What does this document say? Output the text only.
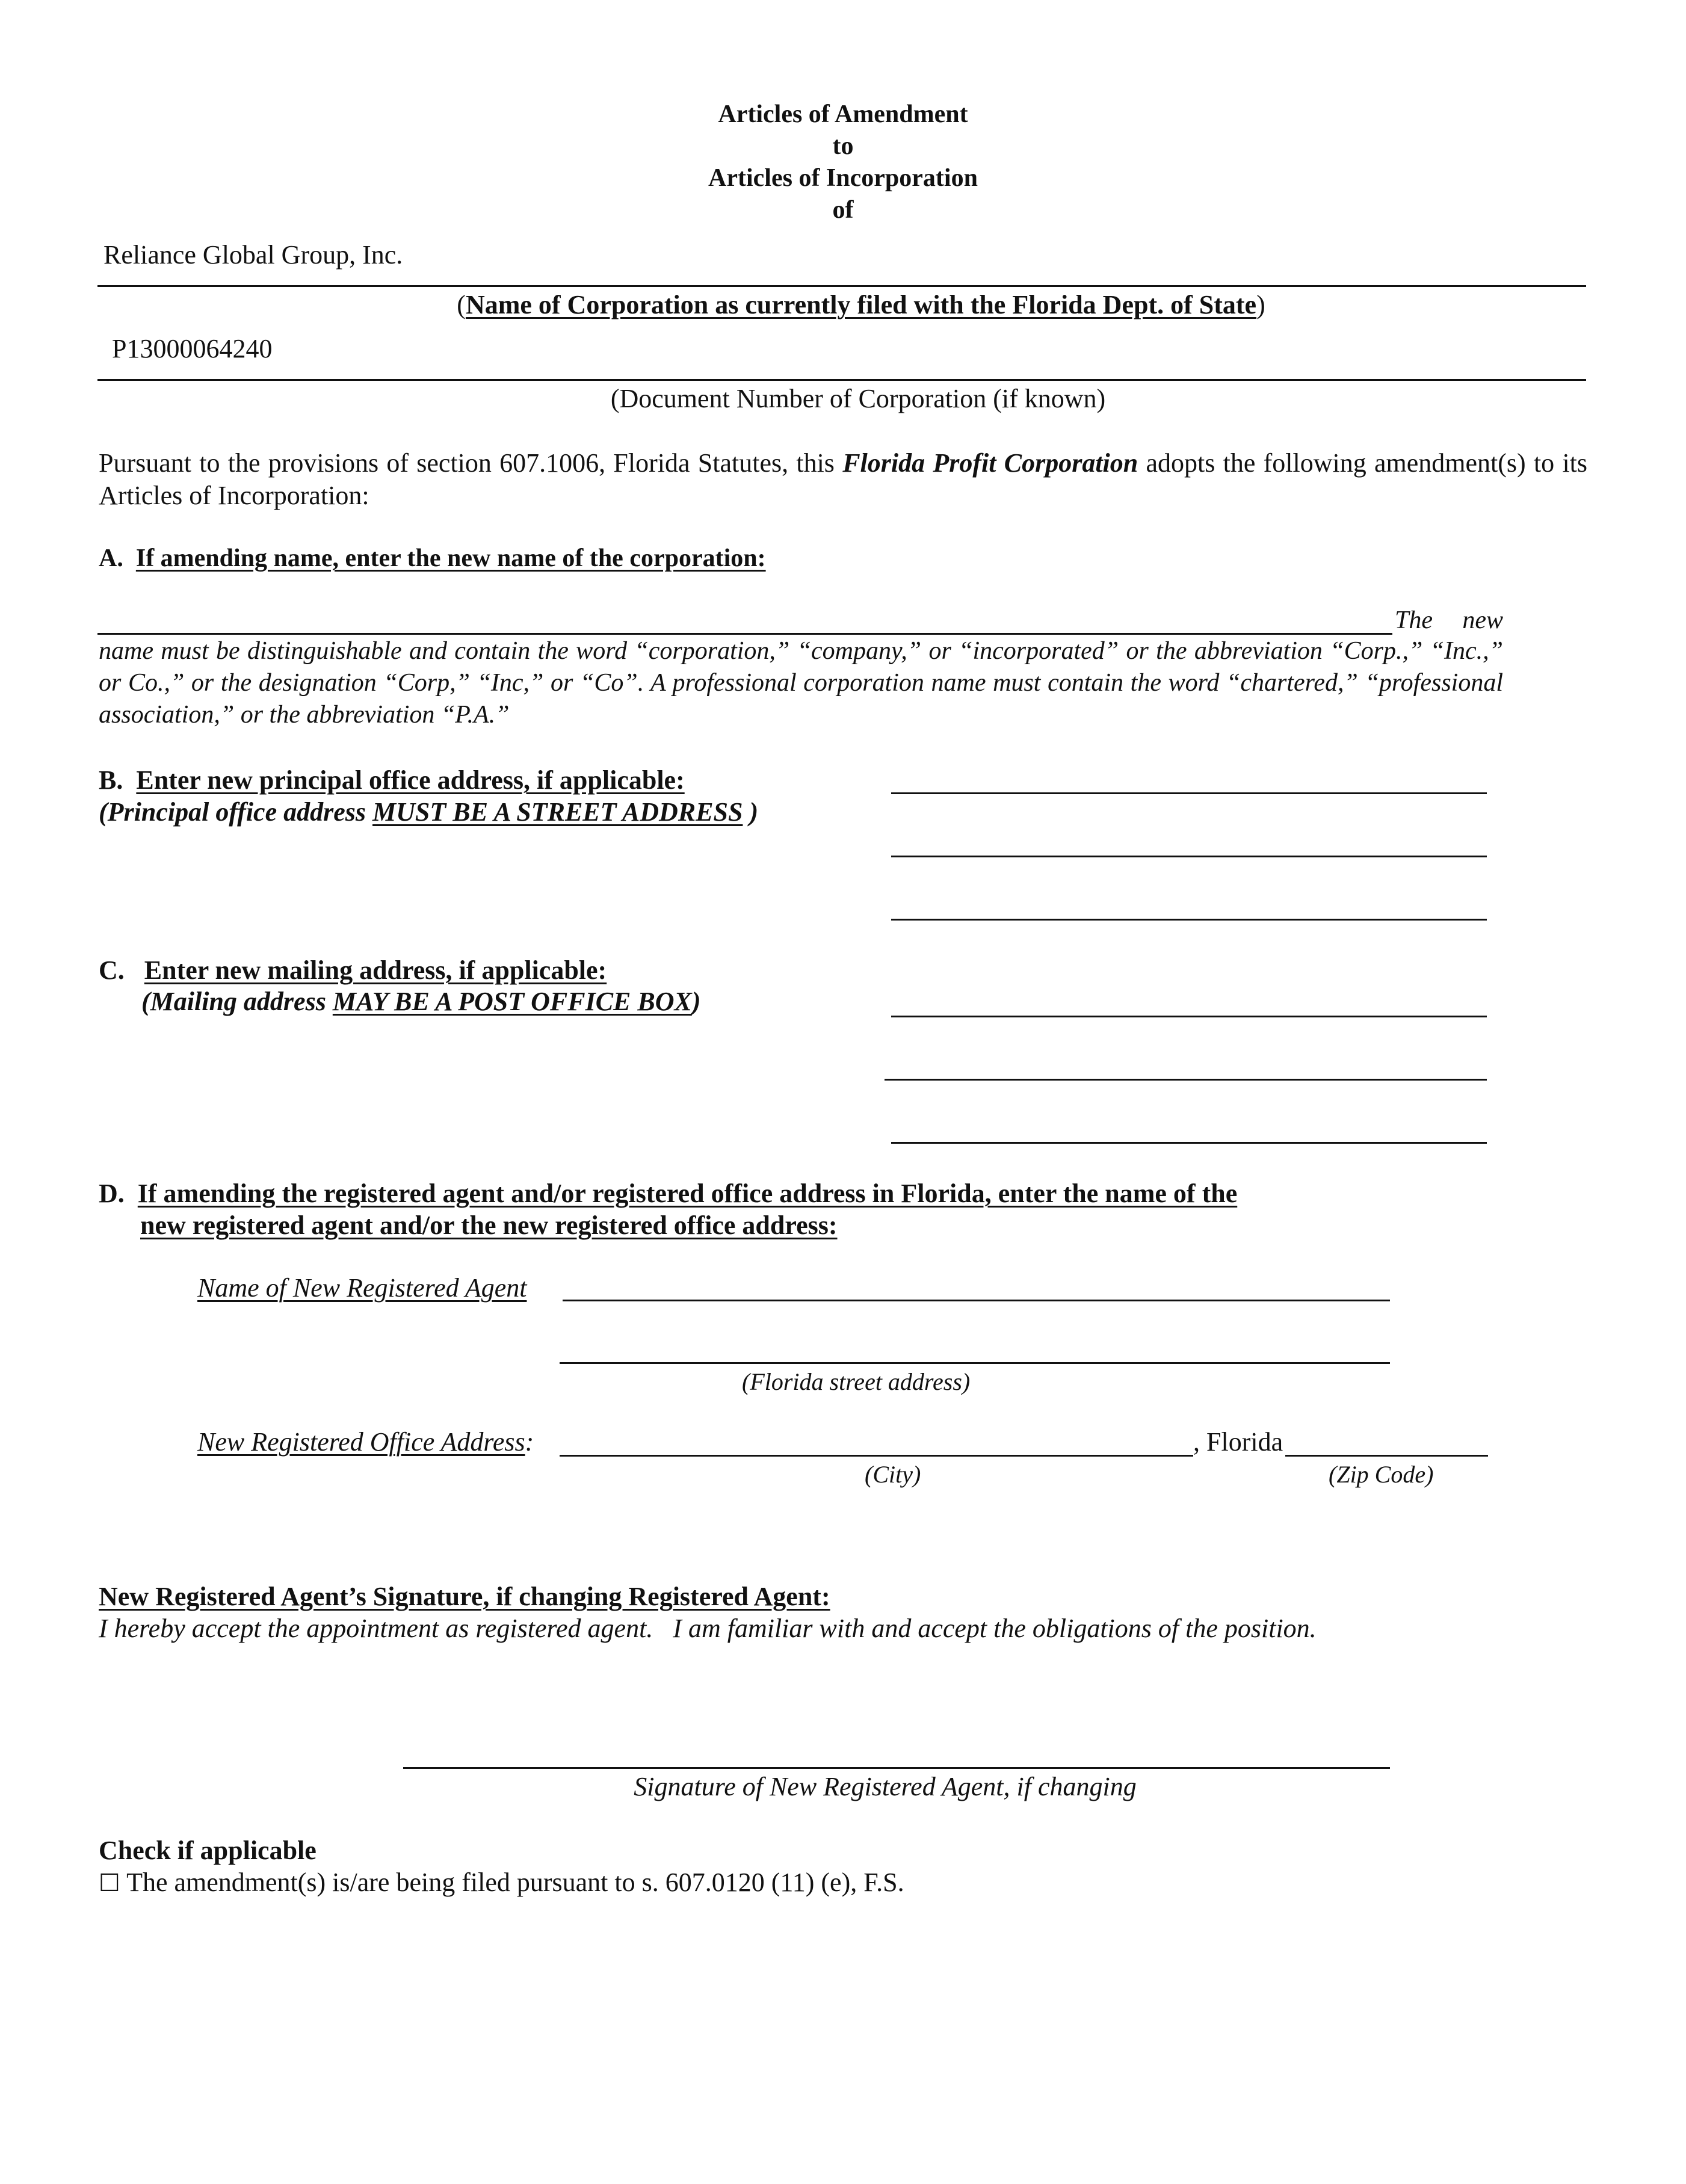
Articles of Amendment
to
Articles of Incorporation
of
Reliance Global Group, Inc.
(Name of Corporation as currently filed with the Florida Dept. of State)
P13000064240
(Document Number of Corporation (if known)
Pursuant to the provisions of section 607.1006, Florida Statutes, this Florida Profit Corporation adopts the following amendment(s) to its Articles of Incorporation:
A. If amending name, enter the new name of the corporation:
The new
name must be distinguishable and contain the word “corporation,” “company,” or “incorporated” or the abbreviation “Corp.,” “Inc.,” or Co.,” or the designation “Corp,” “Inc,” or “Co”. A professional corporation name must contain the word “chartered,” “professional association,” or the abbreviation “P.A.”
B. Enter new principal office address, if applicable:
(Principal office address MUST BE A STREET ADDRESS )
C. Enter new mailing address, if applicable:
(Mailing address MAY BE A POST OFFICE BOX)
D. If amending the registered agent and/or registered office address in Florida, enter the name of the
new registered agent and/or the new registered office address:
Name of New Registered Agent
(Florida street address)
New Registered Office Address:	, Florida
(City)	(Zip Code)
New Registered Agent’s Signature, if changing Registered Agent:
I hereby accept the appointment as registered agent.   I am familiar with and accept the obligations of the position.
Signature of New Registered Agent, if changing
Check if applicable
☐ The amendment(s) is/are being filed pursuant to s. 607.0120 (11) (e), F.S.
